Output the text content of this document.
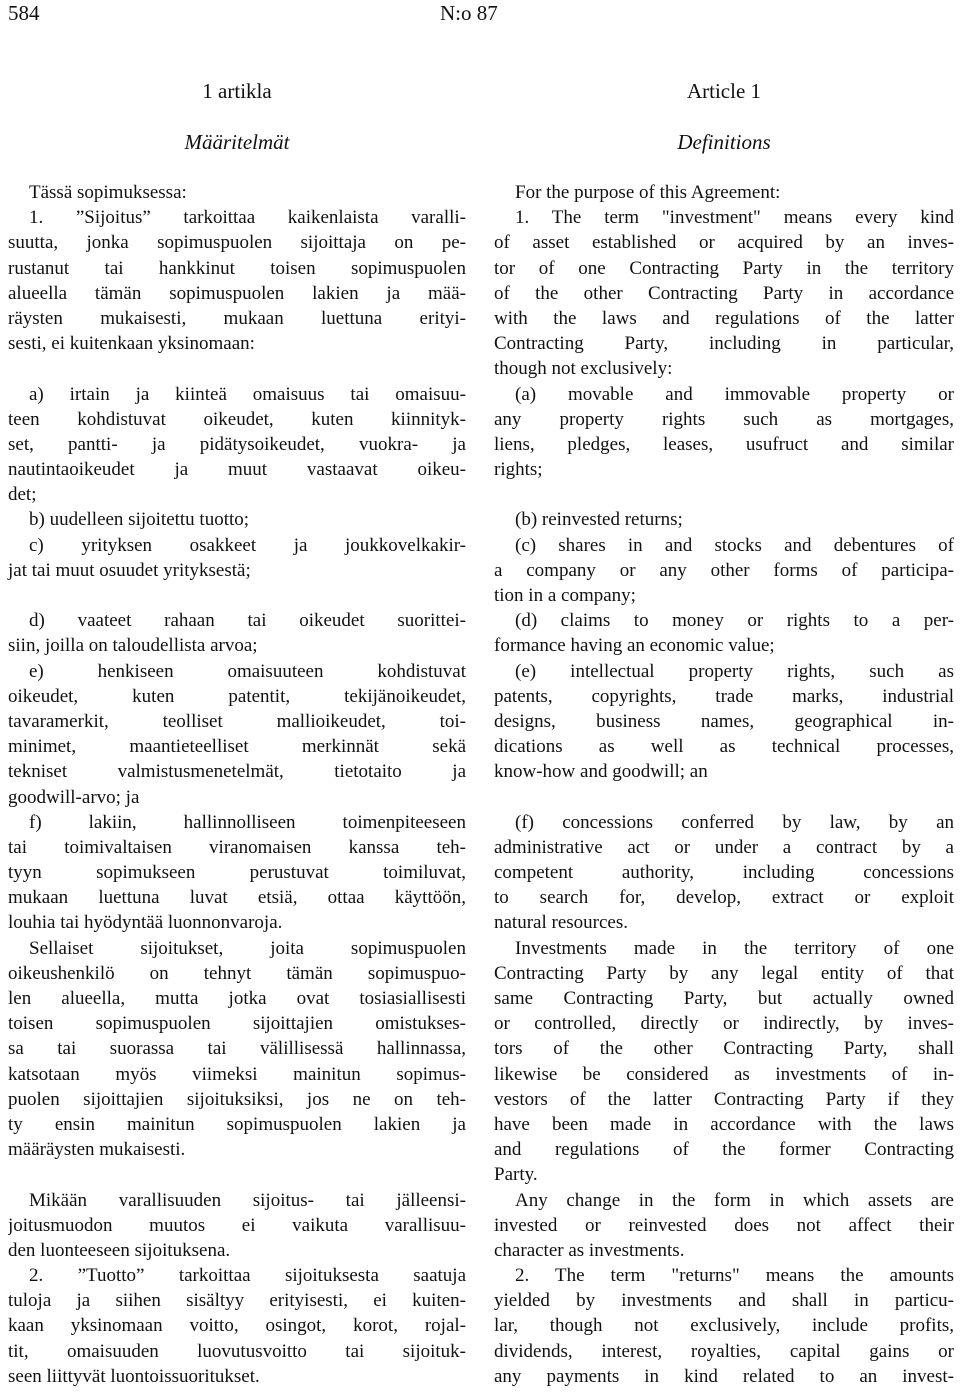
584	N:o 87
1 artikla
Määritelmät
Tässä sopimuksessa:
1. ”Sijoitus” tarkoittaa kaikenlaista varalli-
suutta, jonka sopimuspuolen sijoittaja on pe-
rustanut tai hankkinut toisen sopimuspuolen
alueella tämän sopimuspuolen lakien ja mää-
räysten mukaisesti, mukaan luettuna erityi-
sesti, ei kuitenkaan yksinomaan:
a) irtain ja kiinteä omaisuus tai omaisuu-
teen kohdistuvat oikeudet, kuten kiinnityk-
set, pantti- ja pidätysoikeudet, vuokra- ja
nautintaoikeudet ja muut vastaavat oikeu-
det;
b) uudelleen sijoitettu tuotto;
c) yrityksen osakkeet ja joukkovelkakir-
jat tai muut osuudet yrityksestä;
d) vaateet rahaan tai oikeudet suorittei-
siin, joilla on taloudellista arvoa;
e) henkiseen omaisuuteen kohdistuvat
oikeudet, kuten patentit, tekijänoikeudet,
tavaramerkit, teolliset mallioikeudet, toi-
minimet, maantieteelliset merkinnät sekä
tekniset valmistusmenetelmät, tietotaito ja
goodwill-arvo; ja
f) lakiin, hallinnolliseen toimenpiteeseen
tai toimivaltaisen viranomaisen kanssa teh-
tyyn sopimukseen perustuvat toimiluvat,
mukaan luettuna luvat etsiä, ottaa käyttöön,
louhia tai hyödyntää luonnonvaroja.
Sellaiset sijoitukset, joita sopimuspuolen
oikeushenkilö on tehnyt tämän sopimuspuo-
len alueella, mutta jotka ovat tosiasiallisesti
toisen sopimuspuolen sijoittajien omistukses-
sa tai suorassa tai välillisessä hallinnassa,
katsotaan myös viimeksi mainitun sopimus-
puolen sijoittajien sijoituksiksi, jos ne on teh-
ty ensin mainitun sopimuspuolen lakien ja
määräysten mukaisesti.
Mikään varallisuuden sijoitus- tai jälleensi-
joitusmuodon muutos ei vaikuta varallisuu-
den luonteeseen sijoituksena.
2. ”Tuotto” tarkoittaa sijoituksesta saatuja
tuloja ja siihen sisältyy erityisesti, ei kuiten-
kaan yksinomaan voitto, osingot, korot, rojal-
tit, omaisuuden luovutusvoitto tai sijoituk-
seen liittyvät luontoissuoritukset.
Article 1
Definitions
For the purpose of this Agreement:
1. The term "investment" means every kind
of asset established or acquired by an inves-
tor of one Contracting Party in the territory
of the other Contracting Party in accordance
with the laws and regulations of the latter
Contracting Party, including in particular,
though not exclusively:
(a) movable and immovable property or
any property rights such as mortgages,
liens, pledges, leases, usufruct and similar
rights;
(b) reinvested returns;
(c) shares in and stocks and debentures of
a company or any other forms of participa-
tion in a company;
(d) claims to money or rights to a per-
formance having an economic value;
(e) intellectual property rights, such as
patents, copyrights, trade marks, industrial
designs, business names, geographical in-
dications as well as technical processes,
know-how and goodwill; an
(f) concessions conferred by law, by an
administrative act or under a contract by a
competent authority, including concessions
to search for, develop, extract or exploit
natural resources.
Investments made in the territory of one
Contracting Party by any legal entity of that
same Contracting Party, but actually owned
or controlled, directly or indirectly, by inves-
tors of the other Contracting Party, shall
likewise be considered as investments of in-
vestors of the latter Contracting Party if they
have been made in accordance with the laws
and regulations of the former Contracting
Party.
Any change in the form in which assets are
invested or reinvested does not affect their
character as investments.
2. The term "returns" means the amounts
yielded by investments and shall in particu-
lar, though not exclusively, include profits,
dividends, interest, royalties, capital gains or
any payments in kind related to an invest-
